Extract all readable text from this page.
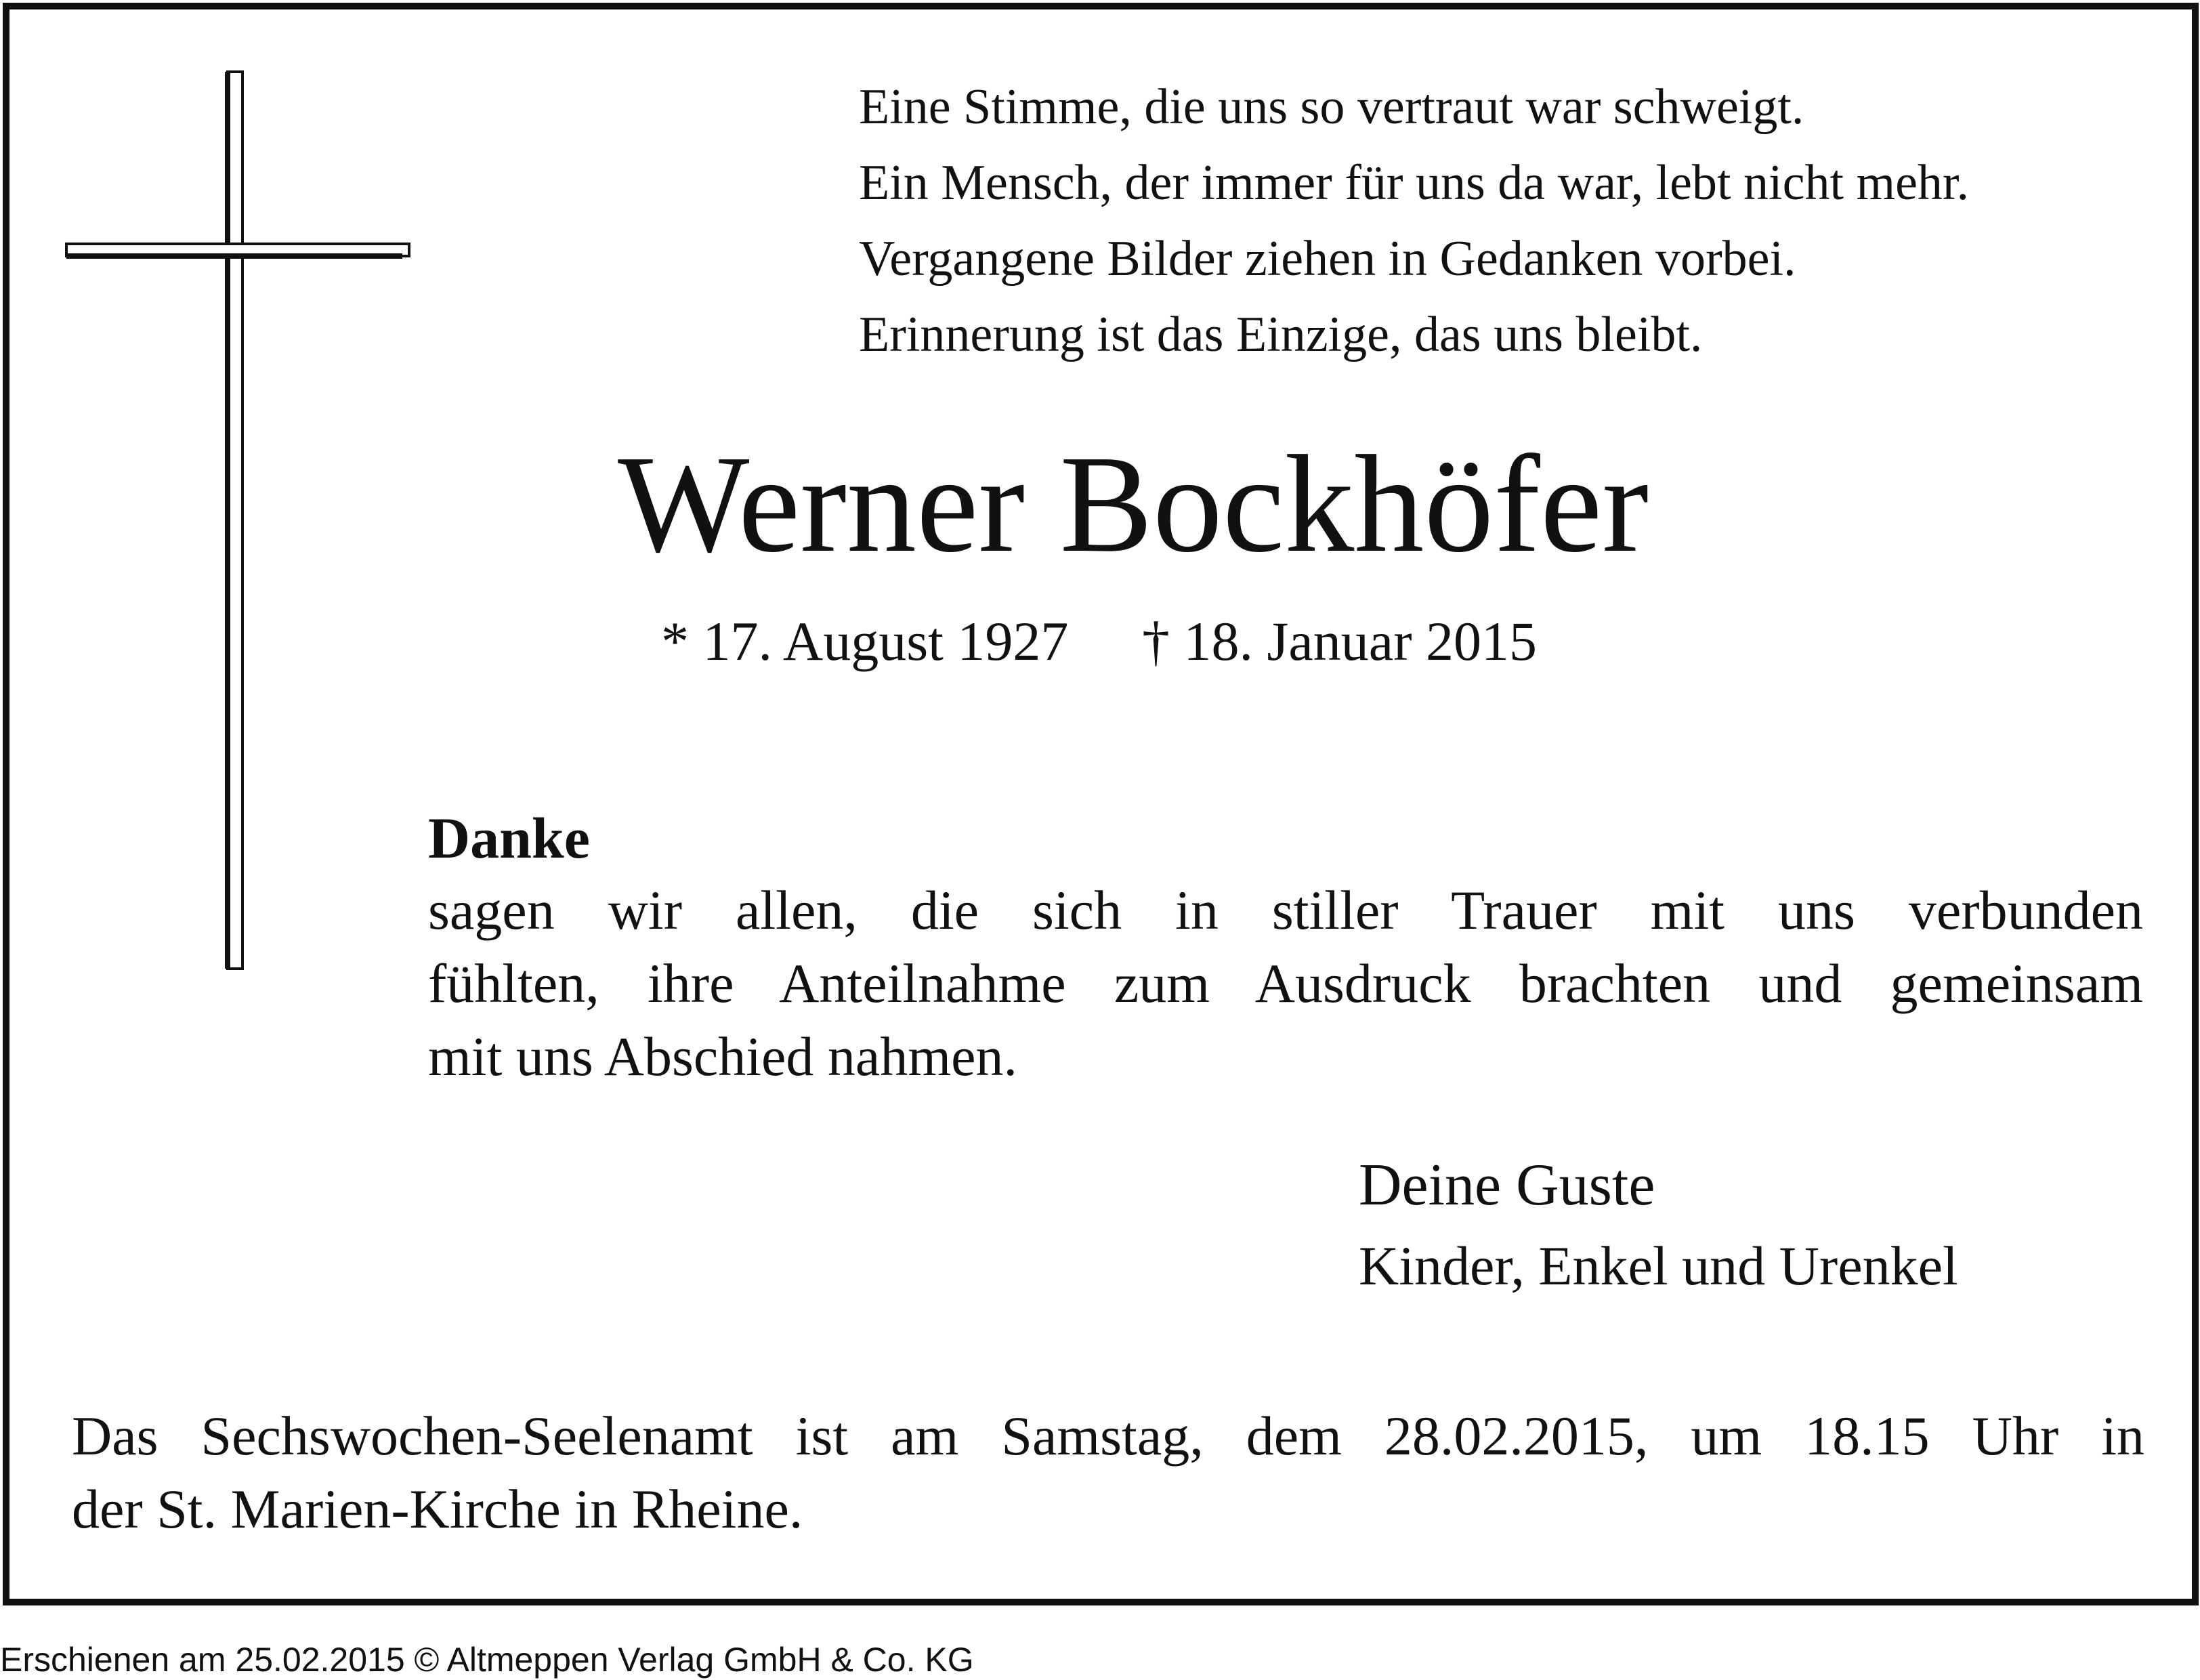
Eine Stimme, die uns so vertraut war schweigt.
Ein Mensch, der immer für uns da war, lebt nicht mehr.
Vergangene Bilder ziehen in Gedanken vorbei.
Erinnerung ist das Einzige, das uns bleibt.
Werner Bockhöfer
* 17. August 1927 † 18. Januar 2015
Danke
sagen wir allen, die sich in stiller Trauer mit uns verbunden
fühlten, ihre Anteilnahme zum Ausdruck brachten und gemeinsam
mit uns Abschied nahmen.
Deine Guste
Kinder, Enkel und Urenkel
Das Sechswochen-Seelenamt ist am Samstag, dem 28.02.2015, um 18.15 Uhr in
der St. Marien-Kirche in Rheine.
Erschienen am 25.02.2015 © Altmeppen Verlag GmbH & Co. KG
